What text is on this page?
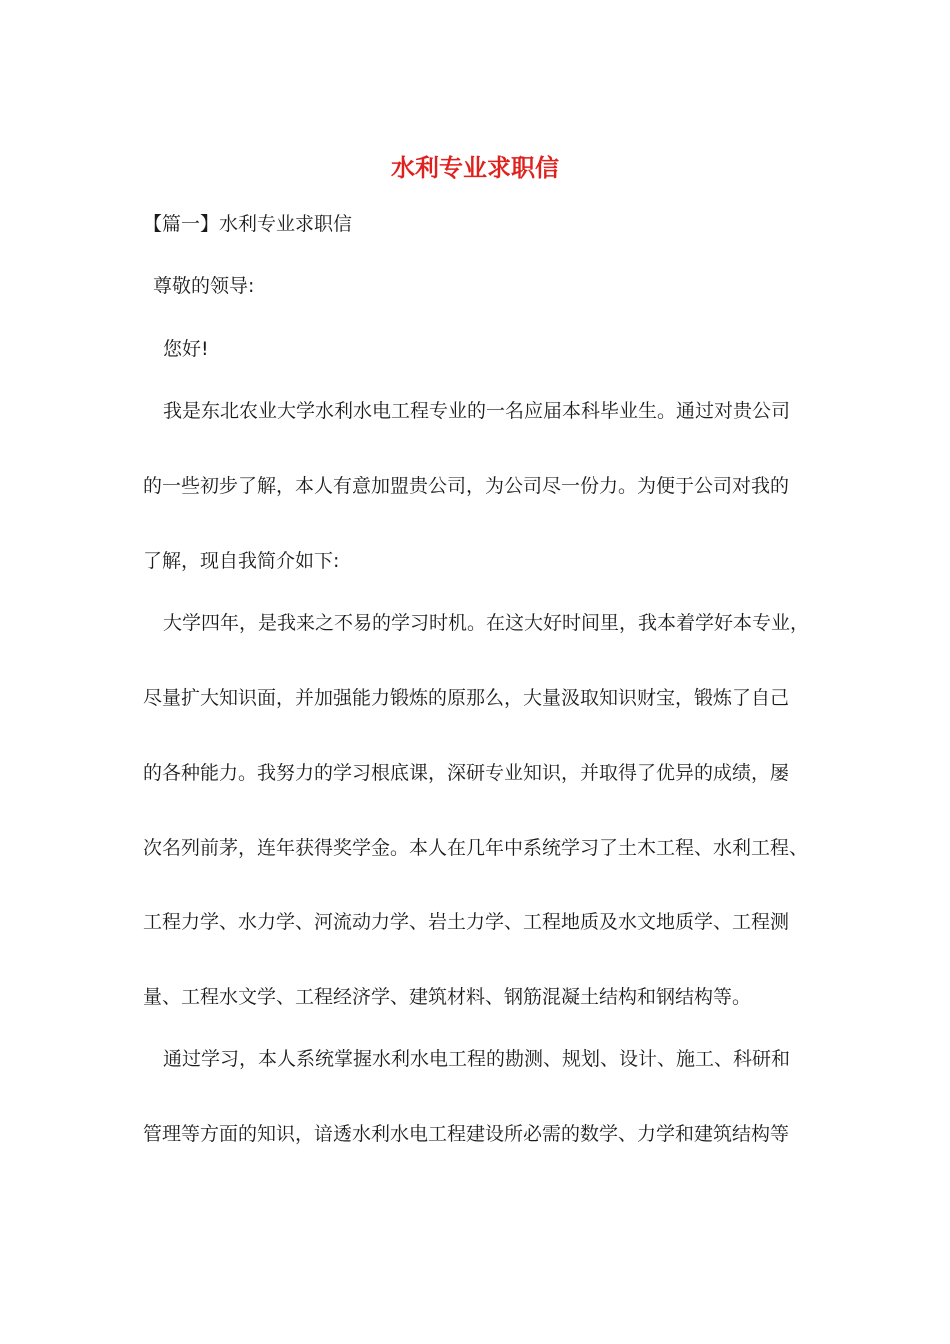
水利专业求职信
【篇一】水利专业求职信
尊敬的领导:
您好!
我是东北农业大学水利水电工程专业的一名应届本科毕业生。通过对贵公司
的一些初步了解，本人有意加盟贵公司，为公司尽一份力。为便于公司对我的
了解，现自我简介如下:
大学四年，是我来之不易的学习时机。在这大好时间里，我本着学好本专业，
尽量扩大知识面，并加强能力锻炼的原那么，大量汲取知识财宝，锻炼了自己
的各种能力。我努力的学习根底课，深研专业知识，并取得了优异的成绩，屡
次名列前茅，连年获得奖学金。本人在几年中系统学习了土木工程、水利工程、
工程力学、水力学、河流动力学、岩土力学、工程地质及水文地质学、工程测
量、工程水文学、工程经济学、建筑材料、钢筋混凝土结构和钢结构等。
通过学习，本人系统掌握水利水电工程的勘测、规划、设计、施工、科研和
管理等方面的知识，谙透水利水电工程建设所必需的数学、力学和建筑结构等
